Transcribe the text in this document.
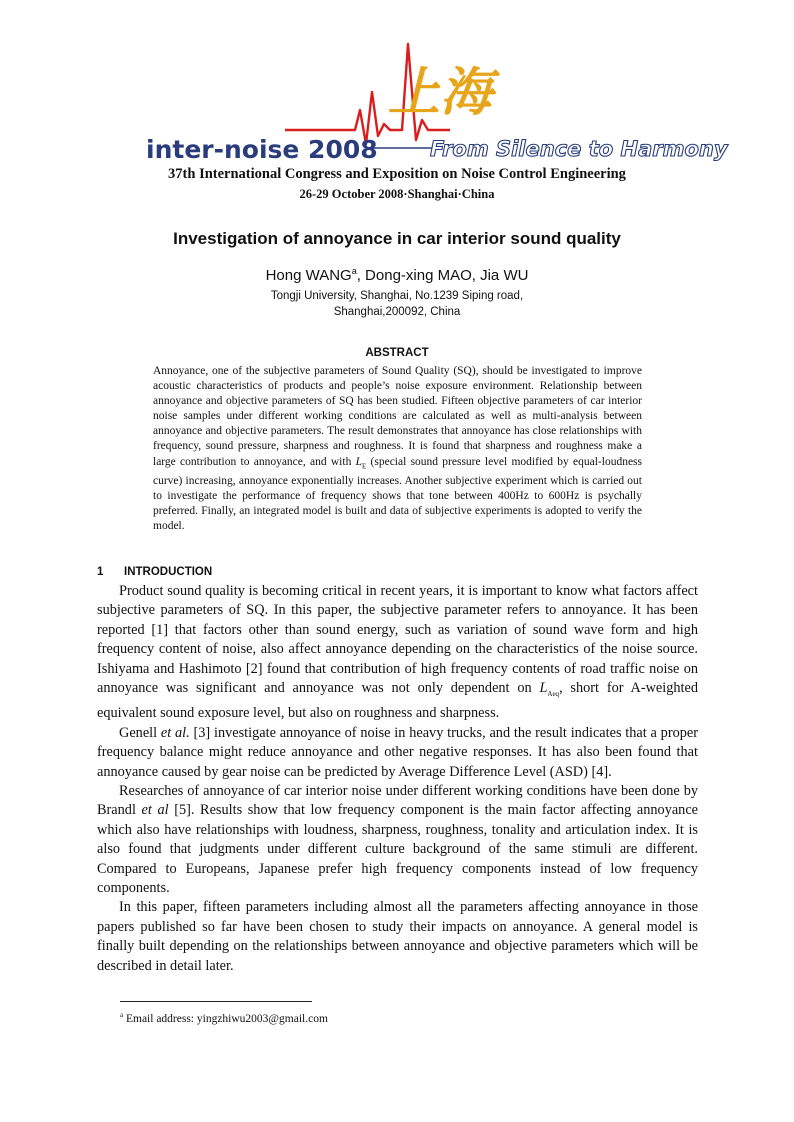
上海
inter-noise 2008 From Silence to Harmony
37th International Congress and Exposition on Noise Control Engineering
26-29 October 2008·Shanghai·China
Investigation of annoyance in car interior sound quality
Hong WANG$^a$, Dong-xing MAO, Jia WU
Tongji University, Shanghai, No.1239 Siping road,
Shanghai,200092, China
ABSTRACT
Annoyance, one of the subjective parameters of Sound Quality (SQ), should be investigated to improve acoustic characteristics of products and people’s noise exposure environment. Relationship between annoyance and objective parameters of SQ has been studied. Fifteen objective parameters of car interior noise samples under different working conditions are calculated as well as multi-analysis between annoyance and objective parameters. The result demonstrates that annoyance has close relationships with frequency, sound pressure, sharpness and roughness. It is found that sharpness and roughness make a large contribution to annoyance, and with $L_E$ (special sound pressure level modified by equal-loudness curve) increasing, annoyance exponentially increases. Another subjective experiment which is carried out to investigate the performance of frequency shows that tone between 400Hz to 600Hz is psychally preferred. Finally, an integrated model is built and data of subjective experiments is adopted to verify the model.
1 INTRODUCTION

Product sound quality is becoming critical in recent years, it is important to know what factors affect subjective parameters of SQ. In this paper, the subjective parameter refers to annoyance. It has been reported [1] that factors other than sound energy, such as variation of sound wave form and high frequency content of noise, also affect annoyance depending on the characteristics of the noise source. Ishiyama and Hashimoto [2] found that contribution of high frequency contents of road traffic noise on annoyance was significant and annoyance was not only dependent on $L_{Aeq}$, short for A-weighted equivalent sound exposure level, but also on roughness and sharpness.

Genell et al. [3] investigate annoyance of noise in heavy trucks, and the result indicates that a proper frequency balance might reduce annoyance and other negative responses. It has also been found that annoyance caused by gear noise can be predicted by Average Difference Level (ASD) [4].

Researches of annoyance of car interior noise under different working conditions have been done by Brandl et al [5]. Results show that low frequency component is the main factor affecting annoyance which also have relationships with loudness, sharpness, roughness, tonality and articulation index. It is also found that judgments under different culture background of the same stimuli are different. Compared to Europeans, Japanese prefer high frequency components instead of low frequency components.

In this paper, fifteen parameters including almost all the parameters affecting annoyance in those papers published so far have been chosen to study their impacts on annoyance. A general model is finally built depending on the relationships between annoyance and objective parameters which will be described in detail later.

$^a$ Email address: yingzhiwu2003@gmail.com
